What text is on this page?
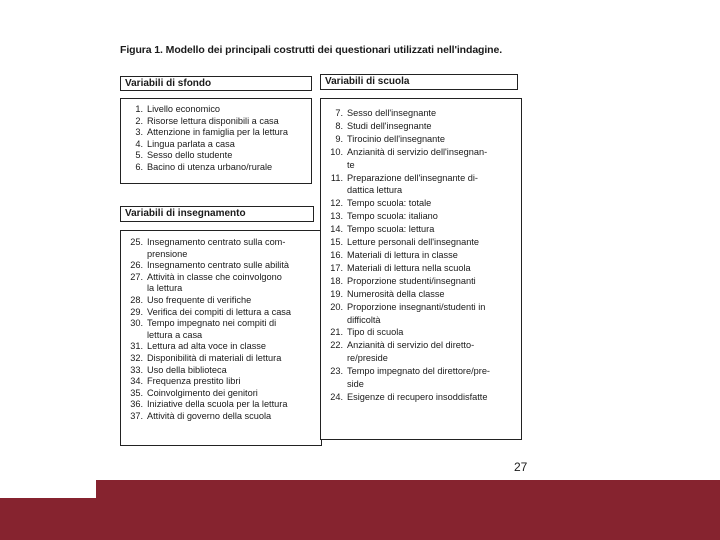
Figura 1. Modello dei principali costrutti dei questionari utilizzati nell'indagine.
Variabili di sfondo
1. Livello economico
2. Risorse lettura disponibili a casa
3. Attenzione in famiglia per la lettura
4. Lingua parlata a casa
5. Sesso dello studente
6. Bacino di utenza urbano/rurale
Variabili di insegnamento
25. Insegnamento centrato sulla com-
prensione
26. Insegnamento centrato sulle abilità
27. Attività in classe che coinvolgono
la lettura
28. Uso frequente di verifiche
29. Verifica dei compiti di lettura a casa
30. Tempo impegnato nei compiti di
lettura a casa
31. Lettura ad alta voce in classe
32. Disponibilità di materiali di lettura
33. Uso della biblioteca
34. Frequenza prestito libri
35. Coinvolgimento dei genitori
36. Iniziative della scuola per la lettura
37. Attività di governo della scuola
Variabili di scuola
7. Sesso dell'insegnante
8. Studi dell'insegnante
9. Tirocinio dell'insegnante
10. Anzianità di servizio dell'insegnan-
te
11. Preparazione dell'insegnante di-
dattica lettura
12. Tempo scuola: totale
13. Tempo scuola: italiano
14. Tempo scuola: lettura
15. Letture personali dell'insegnante
16. Materiali di lettura in classe
17. Materiali di lettura nella scuola
18. Proporzione studenti/insegnanti
19. Numerosità della classe
20. Proporzione insegnanti/studenti in
difficoltà
21. Tipo di scuola
22. Anzianità di servizio del diretto-
re/preside
23. Tempo impegnato del direttore/pre-
side
24. Esigenze di recupero insoddisfatte
27
